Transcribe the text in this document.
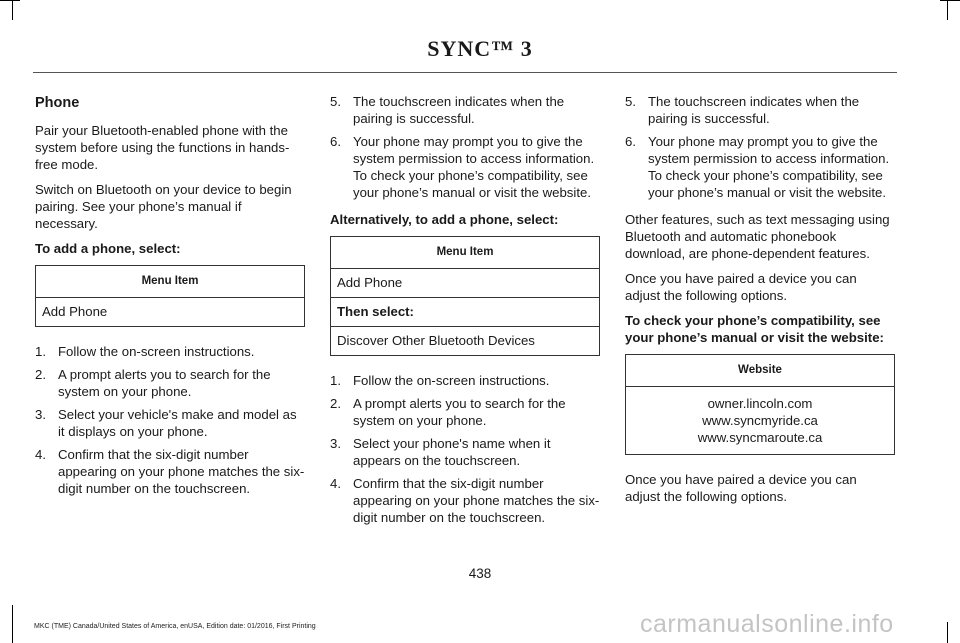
SYNC™ 3
Phone

Pair your Bluetooth-enabled phone with the system before using the functions in hands-free mode.

Switch on Bluetooth on your device to begin pairing. See your phone’s manual if necessary.

To add a phone, select:

Menu Item
Add Phone
1. Follow the on-screen instructions.
2. A prompt alerts you to search for the system on your phone.
3. Select your vehicle's make and model as it displays on your phone.
4. Confirm that the six-digit number appearing on your phone matches the six-digit number on the touchscreen.
5. The touchscreen indicates when the pairing is successful.
6. Your phone may prompt you to give the system permission to access information. To check your phone’s compatibility, see your phone’s manual or visit the website.

Alternatively, to add a phone, select:

Menu Item
Add Phone
Then select:
Discover Other Bluetooth Devices
1. Follow the on-screen instructions.
2. A prompt alerts you to search for the system on your phone.
3. Select your phone's name when it appears on the touchscreen.
4. Confirm that the six-digit number appearing on your phone matches the six-digit number on the touchscreen.
5. The touchscreen indicates when the pairing is successful.
6. Your phone may prompt you to give the system permission to access information. To check your phone’s compatibility, see your phone’s manual or visit the website.

Other features, such as text messaging using Bluetooth and automatic phonebook download, are phone-dependent features.

Once you have paired a device you can adjust the following options.

To check your phone’s compatibility, see your phone’s manual or visit the website:

Website

owner.lincoln.com
www.syncmyride.ca
www.syncmaroute.ca

Once you have paired a device you can adjust the following options.

438
MKC (TME) Canada/United States of America, enUSA, Edition date: 01/2016, First Printing	carmanualsonline.info
